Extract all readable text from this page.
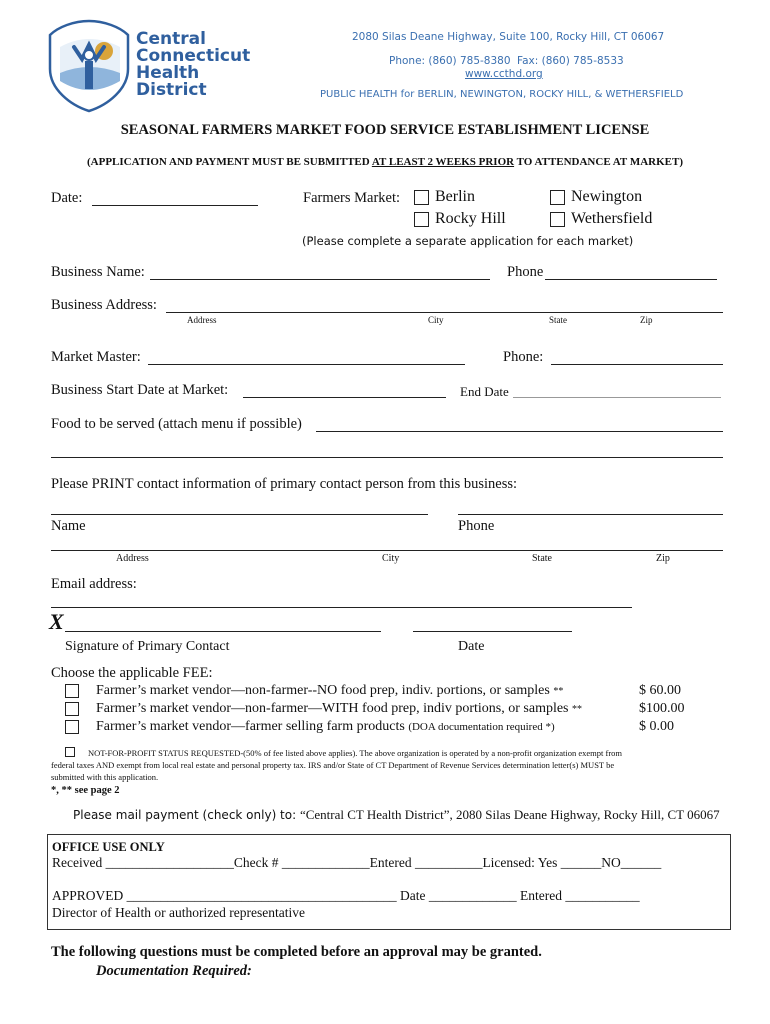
Central
Connecticut
Health
District
2080 Silas Deane Highway, Suite 100, Rocky Hill, CT 06067
Phone: (860) 785-8380 Fax: (860) 785-8533
www.ccthd.org
PUBLIC HEALTH for BERLIN, NEWINGTON, ROCKY HILL, & WETHERSFIELD
SEASONAL FARMERS MARKET FOOD SERVICE ESTABLISHMENT LICENSE
(APPLICATION AND PAYMENT MUST BE SUBMITTED AT LEAST 2 WEEKS PRIOR TO ATTENDANCE AT MARKET)
Date:	Farmers Market: Berlin	Newington
Rocky Hill	Wethersfield
(Please complete a separate application for each market)
Business Name:	Phone
Business Address:
Address	City	State	Zip
Market Master:	Phone:
Business Start Date at Market:	End Date
Food to be served (attach menu if possible)
Please PRINT contact information of primary contact person from this business:
Name	Phone
Address	City	State	Zip
Email address:
X
Signature of Primary Contact	Date
Choose the applicable FEE:
Farmer’s market vendor—non-farmer--NO food prep, indiv. portions, or samples **	$ 60.00
Farmer’s market vendor—non-farmer—WITH food prep, indiv portions, or samples **	$100.00
Farmer’s market vendor—farmer selling farm products (DOA documentation required *)	$ 0.00
NOT-FOR-PROFIT STATUS REQUESTED-(50% of fee listed above applies). The above organization is operated by a non-profit organization exempt from
federal taxes AND exempt from local real estate and personal property tax. IRS and/or State of CT Department of Revenue Services determination letter(s) MUST be
submitted with this application.
*, ** see page 2
Please mail payment (check only) to: “Central CT Health District”, 2080 Silas Deane Highway, Rocky Hill, CT 06067
OFFICE USE ONLY
Received ___________________Check # _____________Entered __________Licensed: Yes ______NO______
APPROVED ________________________________________ Date _____________ Entered ___________
Director of Health or authorized representative
The following questions must be completed before an approval may be granted.
Documentation Required:
